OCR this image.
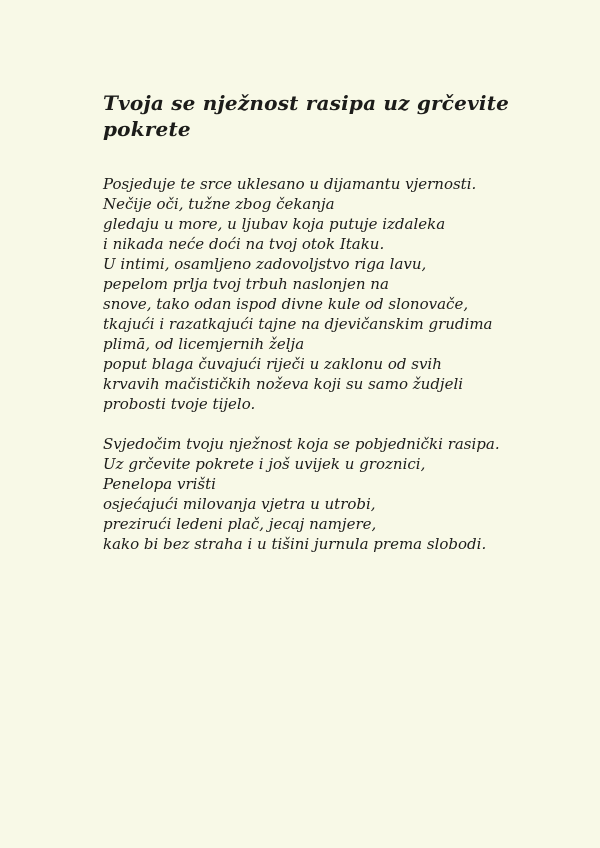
Tvoja se nježnost rasipa uz grčevite pokrete
Posjeduje te srce uklesano u dijamantu vjernosti.
Nečije oči, tužne zbog čekanja
gledaju u more, u ljubav koja putuje izdaleka
i nikada neće doći na tvoj otok Itaku.
U intimi, osamljeno zadovoljstvo riga lavu,
pepelom prlja tvoj trbuh naslonjen na
snove, tako odan ispod divne kule od slonovače,
tkajući i razatkajući tajne na djevičanskim grudima
plimā, od licemjernih želja
poput blaga čuvajući riječi u zaklonu od svih
krvavih mačističkih noževa koji su samo žudjeli
probosti tvoje tijelo.
Svjedočim tvoju nježnost koja se pobjednički rasipa.
Uz grčevite pokrete i još uvijek u groznici,
Penelopa vrišti
osjećajući milovanja vjetra u utrobi,
prezirući ledeni plač, jecaj namjere,
kako bi bez straha i u tišini jurnula prema slobodi.
